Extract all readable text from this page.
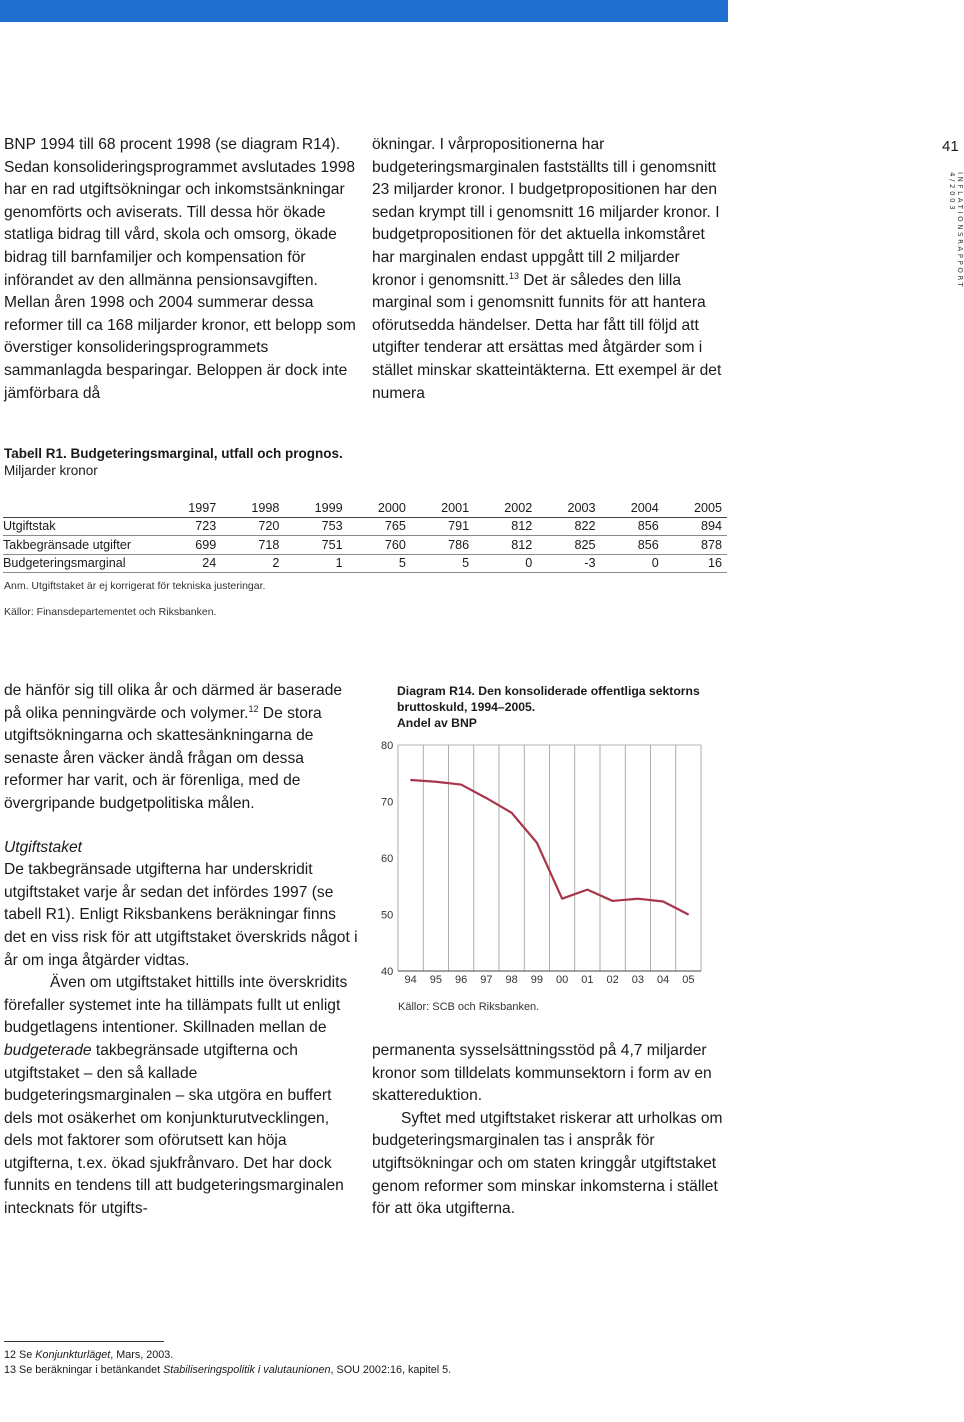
BNP 1994 till 68 procent 1998 (se diagram R14). Sedan konsolideringsprogrammet avslutades 1998 har en rad utgiftsökningar och inkomstsänkningar genomförts och aviserats. Till dessa hör ökade statliga bidrag till vård, skola och omsorg, ökade bidrag till barnfamiljer och kompensation för införandet av den allmänna pensionsavgiften. Mellan åren 1998 och 2004 summerar dessa reformer till ca 168 miljarder kronor, ett belopp som överstiger konsolideringsprogrammets sammanlagda besparingar. Beloppen är dock inte jämförbara då

ökningar. I vårpropositionerna har budgeteringsmarginalen fastställts till i genomsnitt 23 miljarder kronor. I budgetpropositionen har den sedan krympt till i genomsnitt 16 miljarder kronor. I budgetpropositionen för det aktuella inkomståret har marginalen endast uppgått till 2 miljarder kronor i genomsnitt.$^{13}$ Det är således den lilla marginal som i genomsnitt funnits för att hantera oförutsedda händelser. Detta har fått till följd att utgifter tenderar att ersättas med åtgärder som i stället minskar skatteintäkterna. Ett exempel är det numera

41
INFLATIONSRAPPORT 4/2003
Tabell R1. Budgeteringsmarginal, utfall och prognos.
Miljarder kronor
	1997	1998	1999	2000	2001	2002	2003	2004	2005
Utgiftstak	723	720	753	765	791	812	822	856	894
Takbegränsade utgifter	699	718	751	760	786	812	825	856	878
Budgeteringsmarginal	24	2	1	5	5	0	-3	0	16
Anm. Utgiftstaket är ej korrigerat för tekniska justeringar.
Källor: Finansdepartementet och Riksbanken.

de hänför sig till olika år och därmed är baserade på olika penningvärde och volymer.$^{12}$ De stora utgiftsökningarna och skattesänkningarna de senaste åren väcker ändå frågan om dessa reformer har varit, och är förenliga, med de övergripande budgetpolitiska målen.

Utgiftstaket

De takbegränsade utgifterna har underskridit utgiftstaket varje år sedan det infördes 1997 (se tabell R1). Enligt Riksbankens beräkningar finns det en viss risk för att utgiftstaket överskrids något i år om inga åtgärder vidtas.

Även om utgiftstaket hittills inte överskridits förefaller systemet inte ha tillämpats fullt ut enligt budgetlagens intentioner. Skillnaden mellan de budgeterade takbegränsade utgifterna och utgiftstaket – den så kallade budgeteringsmarginalen – ska utgöra en buffert dels mot osäkerhet om konjunkturutvecklingen, dels mot faktorer som oförutsett kan höja utgifterna, t.ex. ökad sjukfrånvaro. Det har dock funnits en tendens till att budgeteringsmarginalen intecknats för utgifts-

Diagram R14. Den konsoliderade offentliga sektorns bruttoskuld, 1994–2005.
Andel av BNP
40
50
60
70
80
94 95 96 97 98 99 00 01 02 03 04 05
Källor: SCB och Riksbanken.

permanenta sysselsättningsstöd på 4,7 miljarder kronor som tilldelats kommunsektorn i form av en skattereduktion.

Syftet med utgiftstaket riskerar att urholkas om budgeteringsmarginalen tas i anspråk för utgiftsökningar och om staten kringgår utgiftstaket genom reformer som minskar inkomsterna i stället för att öka utgifterna.

12 Se Konjunkturläget, Mars, 2003.
13 Se beräkningar i betänkandet Stabiliseringspolitik i valutaunionen, SOU 2002:16, kapitel 5.
